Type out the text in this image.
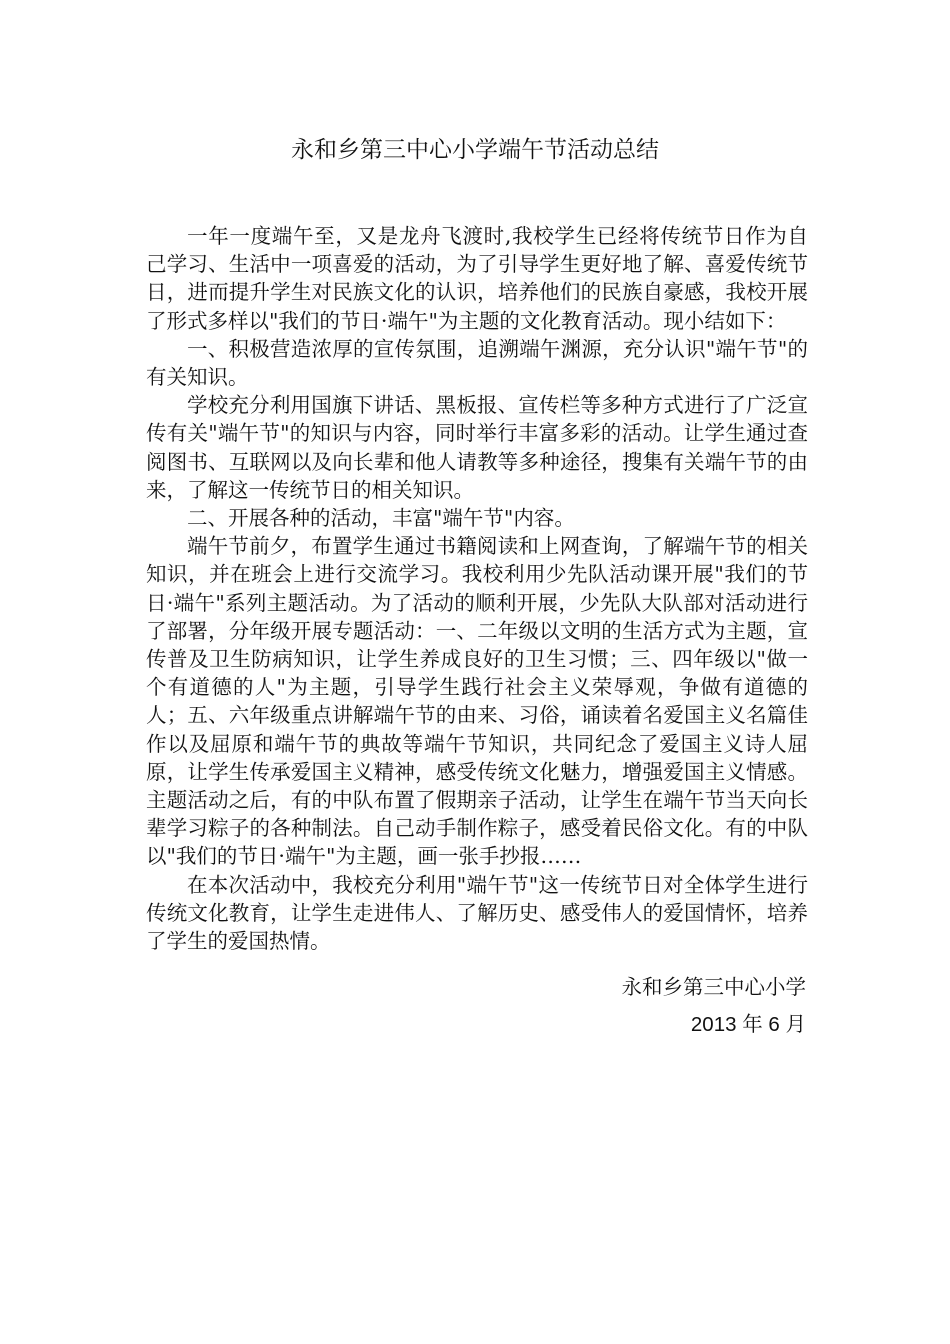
永和乡第三中心小学端午节活动总结

一年一度端午至，又是龙舟飞渡时,我校学生已经将传统节日作为自己学习、生活中一项喜爱的活动，为了引导学生更好地了解、喜爱传统节日，进而提升学生对民族文化的认识，培养他们的民族自豪感，我校开展了形式多样以"我们的节日·端午"为主题的文化教育活动。现小结如下：

一、积极营造浓厚的宣传氛围，追溯端午渊源，充分认识"端午节"的有关知识。

学校充分利用国旗下讲话、黑板报、宣传栏等多种方式进行了广泛宣传有关"端午节"的知识与内容，同时举行丰富多彩的活动。让学生通过查阅图书、互联网以及向长辈和他人请教等多种途径，搜集有关端午节的由来，了解这一传统节日的相关知识。

二、开展各种的活动，丰富"端午节"内容。

端午节前夕，布置学生通过书籍阅读和上网查询，了解端午节的相关知识，并在班会上进行交流学习。我校利用少先队活动课开展"我们的节日·端午"系列主题活动。为了活动的顺利开展，少先队大队部对活动进行了部署，分年级开展专题活动：一、二年级以文明的生活方式为主题，宣传普及卫生防病知识，让学生养成良好的卫生习惯；三、四年级以"做一个有道德的人"为主题，引导学生践行社会主义荣辱观，争做有道德的人；五、六年级重点讲解端午节的由来、习俗，诵读着名爱国主义名篇佳作以及屈原和端午节的典故等端午节知识，共同纪念了爱国主义诗人屈原，让学生传承爱国主义精神，感受传统文化魅力，增强爱国主义情感。主题活动之后，有的中队布置了假期亲子活动，让学生在端午节当天向长辈学习粽子的各种制法。自己动手制作粽子，感受着民俗文化。有的中队以"我们的节日·端午"为主题，画一张手抄报……

在本次活动中，我校充分利用"端午节"这一传统节日对全体学生进行传统文化教育，让学生走进伟人、了解历史、感受伟人的爱国情怀，培养了学生的爱国热情。

永和乡第三中心小学
2013 年 6 月
